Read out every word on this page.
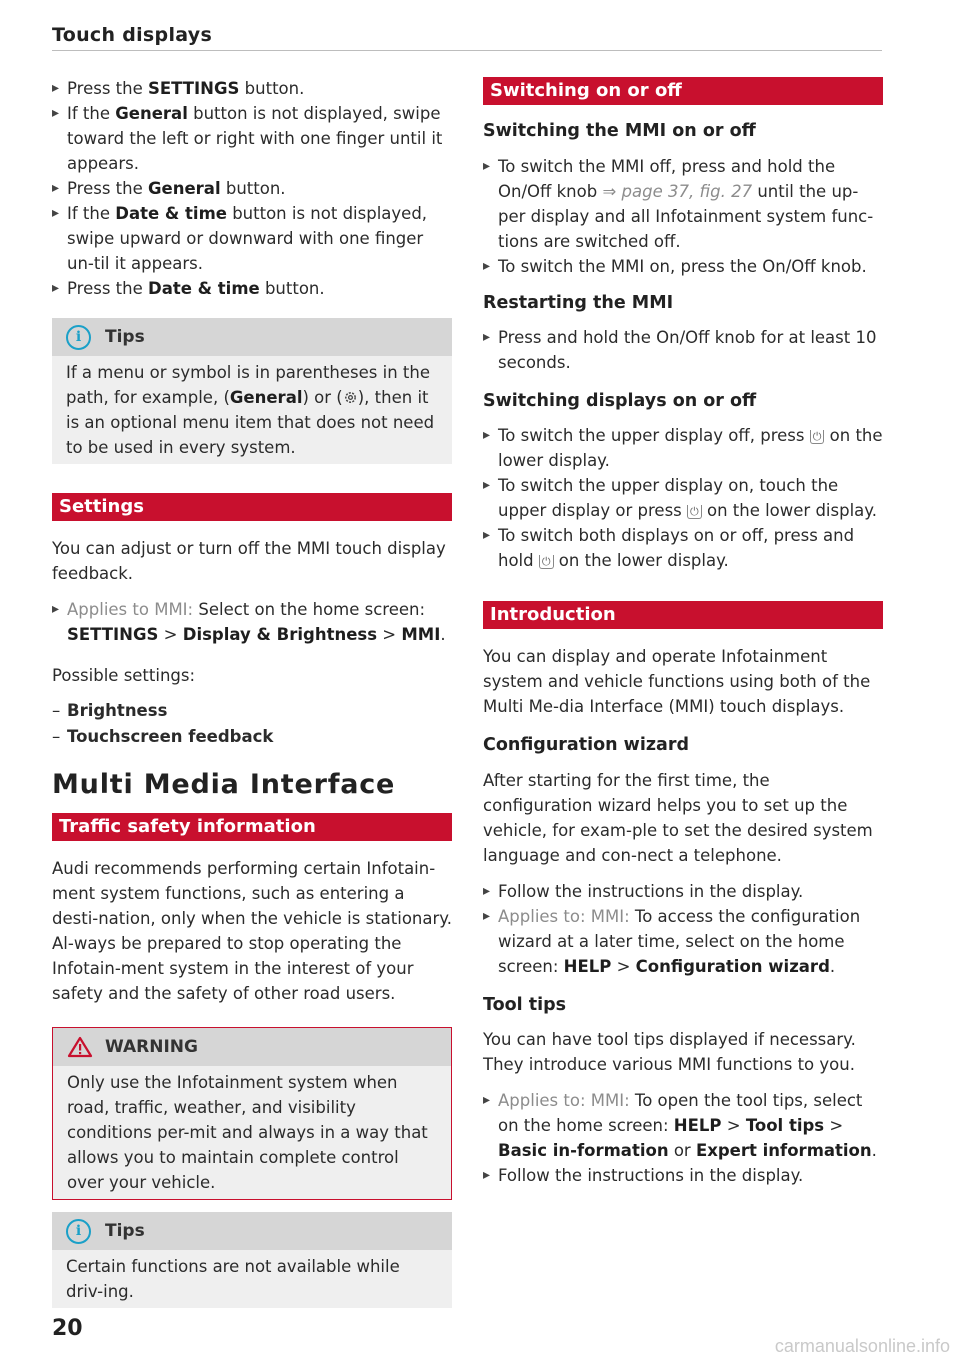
Touch displays
▸ Press the SETTINGS button.
▸ If the General button is not displayed, swipe toward the left or right with one finger until it appears.
▸ Press the General button.
▸ If the Date & time button is not displayed, swipe upward or downward with one finger un-til it appears.
▸ Press the Date & time button.
i	Tips

If a menu or symbol is in parentheses in the path, for example, (General) or ( ), then it is an optional menu item that does not need to be used in every system.

Settings

You can adjust or turn off the MMI touch display feedback.

▸ Applies to MMI: Select on the home screen: SETTINGS > Display & Brightness > MMI.

Possible settings:

– Brightness
– Touchscreen feedback
Multi Media Interface
Traffic safety information

Audi recommends performing certain Infotain-ment system functions, such as entering a desti-nation, only when the vehicle is stationary. Al-ways be prepared to stop operating the Infotain-ment system in the interest of your safety and the safety of other road users.

WARNING

Only use the Infotainment system when road, traffic, weather, and visibility conditions per-mit and always in a way that allows you to maintain complete control over your vehicle.

i	Tips

Certain functions are not available while driv-ing.

Switching on or off
Switching the MMI on or off
▸ To switch the MMI off, press and hold the On/Off knob ⇒ page 37, fig. 27 until the up-per display and all Infotainment system func-tions are switched off.
▸ To switch the MMI on, press the On/Off knob.
Restarting the MMI
▸ Press and hold the On/Off knob for at least 10 seconds.
Switching displays on or off
▸ To switch the upper display off, press ⏻ on the lower display.
▸ To switch the upper display on, touch the upper display or press ⏻ on the lower display.
▸ To switch both displays on or off, press and hold ⏻ on the lower display.
Introduction

You can display and operate Infotainment system and vehicle functions using both of the Multi Me-dia Interface (MMI) touch displays.

Configuration wizard

After starting for the first time, the configuration wizard helps you to set up the vehicle, for exam-ple to set the desired system language and con-nect a telephone.

▸ Follow the instructions in the display.
▸ Applies to: MMI: To access the configuration wizard at a later time, select on the home screen: HELP > Configuration wizard.
Tool tips

You can have tool tips displayed if necessary. They introduce various MMI functions to you.

▸ Applies to: MMI: To open the tool tips, select on the home screen: HELP > Tool tips > Basic in-formation or Expert information.
▸ Follow the instructions in the display.
20
carmanualsonline.info
